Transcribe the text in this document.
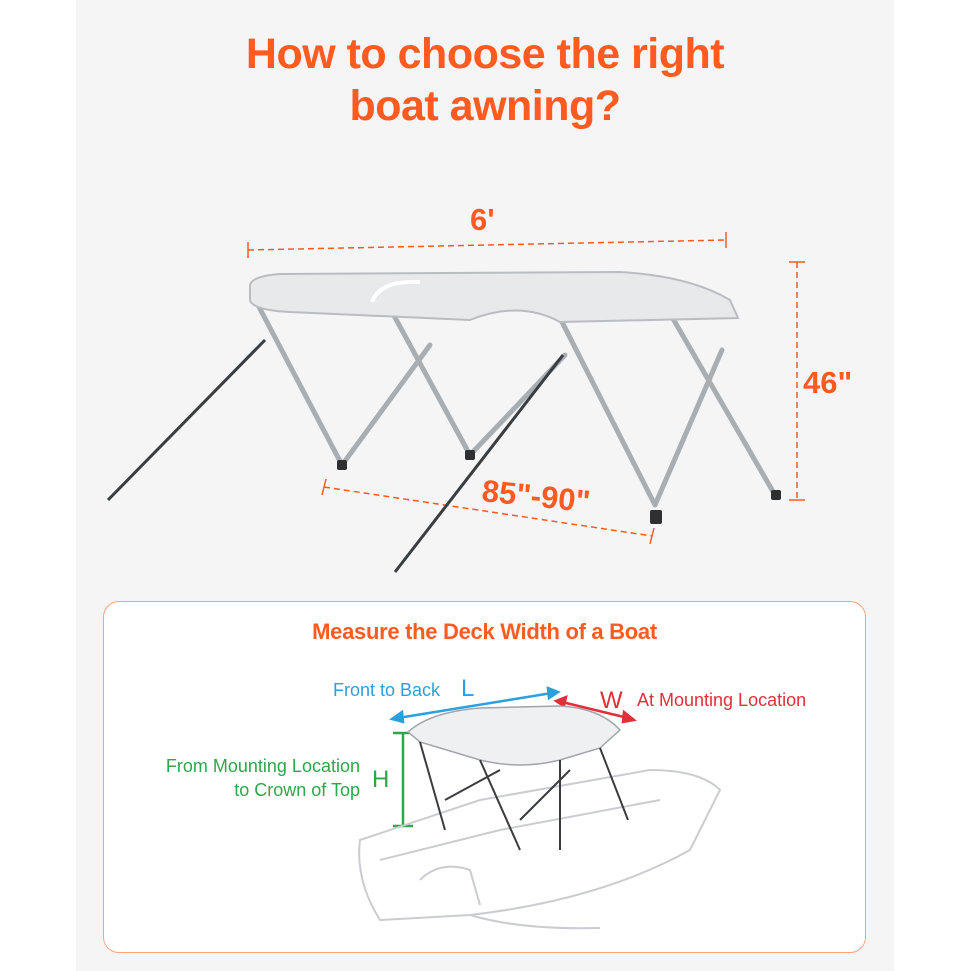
How to choose the right
boat awning?
6'
46"
85"-90"
Measure the Deck Width of a Boat
Front to Back L	W At Mounting Location
From Mounting Location
to Crown of Top H
